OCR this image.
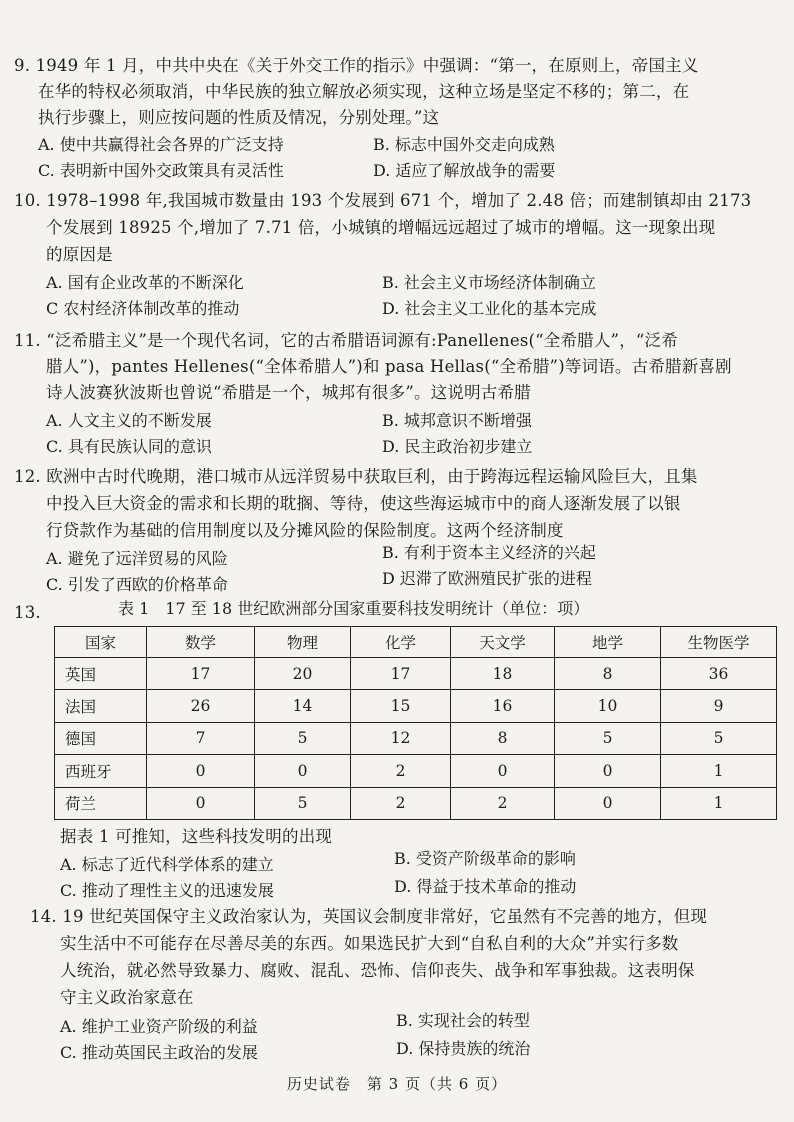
9. 1949 年 1 月，中共中央在《关于外交工作的指示》中强调：“第一，在原则上，帝国主义
在华的特权必须取消，中华民族的独立解放必须实现，这种立场是坚定不移的；第二，在
执行步骤上，则应按问题的性质及情况，分别处理。”这
A. 使中共赢得社会各界的广泛支持	B. 标志中国外交走向成熟
C. 表明新中国外交政策具有灵活性	D. 适应了解放战争的需要
10. 1978–1998 年,我国城市数量由 193 个发展到 671 个，增加了 2.48 倍；而建制镇却由 2173
个发展到 18925 个,增加了 7.71 倍，小城镇的增幅远远超过了城市的增幅。这一现象出现
的原因是
A. 国有企业改革的不断深化	B. 社会主义市场经济体制确立
C 农村经济体制改革的推动	D. 社会主义工业化的基本完成
11. “泛希腊主义”是一个现代名词，它的古希腊语词源有:Panellenes(“全希腊人”，“泛希
腊人”)，pantes Hellenes(“全体希腊人”)和 pasa Hellas(“全希腊”)等词语。古希腊新喜剧
诗人波赛狄波斯也曾说“希腊是一个，城邦有很多”。这说明古希腊
A. 人文主义的不断发展	B. 城邦意识不断增强
C. 具有民族认同的意识	D. 民主政治初步建立
12. 欧洲中古时代晚期，港口城市从远洋贸易中获取巨利，由于跨海远程运输风险巨大，且集
中投入巨大资金的需求和长期的耽搁、等待，使这些海运城市中的商人逐渐发展了以银
行贷款作为基础的信用制度以及分摊风险的保险制度。这两个经济制度
A. 避免了远洋贸易的风险	B. 有利于资本主义经济的兴起
C. 引发了西欧的价格革命	D 迟滞了欧洲殖民扩张的进程
13.	表 1　17 至 18 世纪欧洲部分国家重要科技发明统计（单位：项）
国家	数学	物理	化学	天文学	地学	生物医学
英国	17	20	17	18	8	36
法国	26	14	15	16	10	9
德国	7	5	12	8	5	5
西班牙	0	0	2	0	0	1
荷兰	0	5	2	2	0	1
据表 1 可推知，这些科技发明的出现
A. 标志了近代科学体系的建立	B. 受资产阶级革命的影响
C. 推动了理性主义的迅速发展	D. 得益于技术革命的推动
14. 19 世纪英国保守主义政治家认为，英国议会制度非常好，它虽然有不完善的地方，但现
实生活中不可能存在尽善尽美的东西。如果选民扩大到“自私自利的大众”并实行多数
人统治，就必然导致暴力、腐败、混乱、恐怖、信仰丧失、战争和军事独裁。这表明保
守主义政治家意在
A. 维护工业资产阶级的利益	B. 实现社会的转型
C. 推动英国民主政治的发展	D. 保持贵族的统治
历史试卷　第 3 页（共 6 页）
